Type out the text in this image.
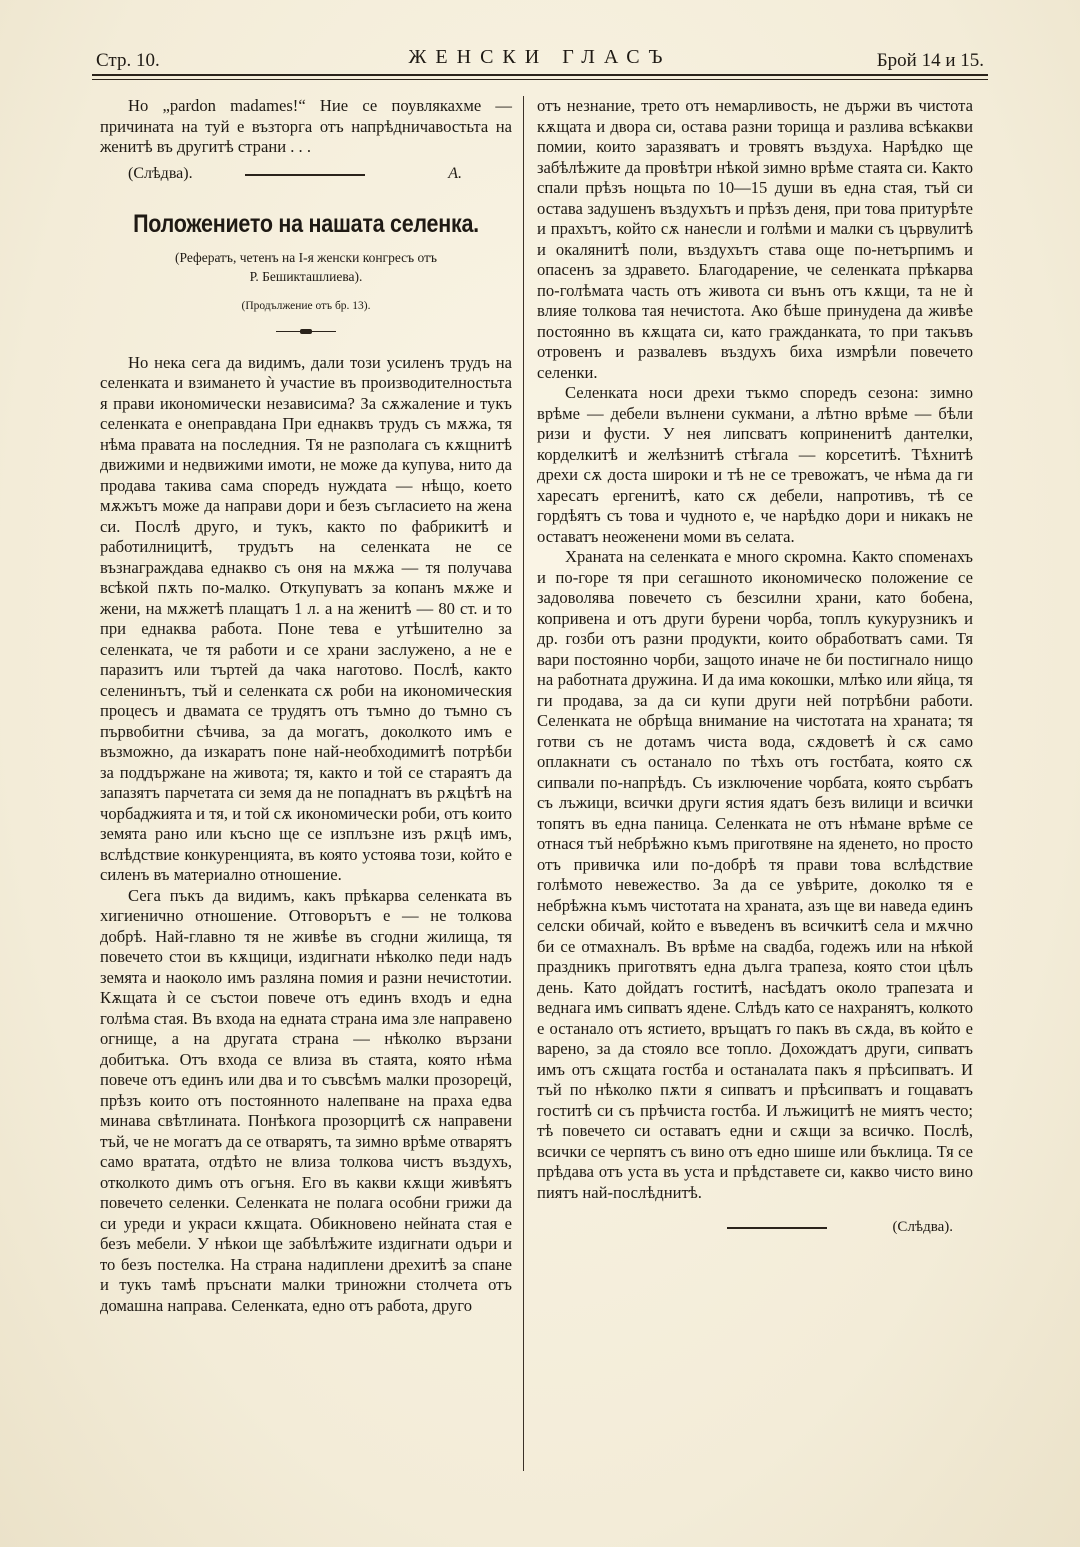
Стр. 10.	ЖЕНСКИ ГЛАСЪ	Брой 14 и 15.

Но „pardon madames!“ Ние се поувлякахме — причината на туй е възторга отъ напрѣдничавостьта на женитѣ въ другитѣ страни . . .

(Слѣдва).	А.
Положението на нашата селенка.
(Рефератъ, четенъ на I-я женски конгресъ отъ
Р. Бешикташлиева).
(Продължение отъ бр. 13).

Но нека сега да видимъ, дали този усиленъ трудъ на селенката и взимането ѝ участие въ производителностьта я прави икономически независима? За сѫжаление и тукъ селенката е онеправдана При еднаквъ трудъ съ мѫжа, тя нѣма правата на последния. Тя не разполага съ кѫщнитѣ движими и недвижими имоти, не може да купува, нито да продава такива сама споредъ нуждата — нѣщо, което мѫжътъ може да направи дори и безъ съгласието на жена си. Послѣ друго, и тукъ, както по фабрикитѣ и работилницитѣ, трудътъ на селенката не се възнаграждава еднакво съ оня на мѫжа — тя получава всѣкой пѫть по-малко. Откупуватъ за копанъ мѫже и жени, на мѫжетѣ плащатъ 1 л. а на женитѣ — 80 ст. и то при еднаква работа. Поне тева е утѣшително за селенката, че тя работи и се храни заслужено, а не е паразитъ или търтей да чака наготово. Послѣ, както селенинътъ, тъй и селенката сѫ роби на икономическия процесъ и двамата се трудятъ отъ тъмно до тъмно съ първобитни сѣчива, за да могатъ, доколкото имъ е възможно, да изкаратъ поне най-необходимитѣ потрѣби за поддържане на живота; тя, както и той се стараятъ да запазятъ парчетата си земя да не попаднатъ въ рѫцѣтѣ на чорбаджията и тя, и той сѫ икономически роби, отъ които земята рано или късно ще се изплъзне изъ рѫцѣ имъ, вслѣдствие конкуренцията, въ която устоява този, който е силенъ въ материално отношение.

Сега пъкъ да видимъ, какъ прѣкарва селенката въ хигиенично отношение. Отговорътъ е — не толкова добрѣ. Най-главно тя не живѣе въ сгодни жилища, тя повечето стои въ кѫщици, издигнати нѣколко педи надъ земята и наоколо имъ разляна помия и разни нечистотии. Кѫщата ѝ се състои повече отъ единъ входъ и една голѣма стая. Въ входа на едната страна има зле направено огнище, а на другата страна — нѣколко вързани добитъка. Отъ входа се влиза въ стаята, която нѣма повече отъ единъ или два и то съвсѣмъ малки прозорецй, прѣзъ които отъ постоянното налепване на праха едва минава свѣтлината. Понѣкога прозорцитѣ сѫ направени тъй, че не могатъ да се отварятъ, та зимно врѣме отварятъ само вратата, отдѣто не влиза толкова чистъ въздухъ, отколкото димъ отъ огъня. Его въ какви кѫщи живѣятъ повечето селенки. Селенката не полага особни грижи да си уреди и украси кѫщата. Обикновено нейната стая е безъ мебели. У нѣкои ще забѣлѣжите издигнати одъри и то безъ постелка. На страна надиплени дрехитѣ за спане и тукъ тамѣ пръснати малки триножни столчета отъ домашна направа. Селенката, едно отъ работа, друго

отъ незнание, трето отъ немарливость, не държи въ чистота кѫщата и двора си, остава разни торища и разлива всѣкакви помии, които заразяватъ и тровятъ въздуха. Нарѣдко ще забѣлѣжите да провѣтри нѣкой зимно врѣме стаята си. Както спали прѣзъ нощьта по 10—15 души въ една стая, тъй си остава задушенъ въздухътъ и прѣзъ деня, при това притурѣте и прахътъ, който сѫ нанесли и голѣми и малки съ цървулитѣ и окалянитѣ поли, въздухътъ става още по-нетърпимъ и опасенъ за здравето. Благодарение, че селенката прѣкарва по-голѣмата часть отъ живота си вънъ отъ кѫщи, та не ѝ влияе толкова тая нечистота. Ако бѣше принудена да живѣе постоянно въ кѫщата си, като гражданката, то при такъвъ отровенъ и развалевъ въздухъ биха измрѣли повечето селенки.

Селенката носи дрехи тъкмо споредъ сезона: зимно врѣме — дебели вълнени сукмани, а лѣтно врѣме — бѣли ризи и фусти. У нея липсватъ коприненитѣ дантелки, корделкитѣ и желѣзнитѣ стѣгала — корсетитѣ. Тѣхнитѣ дрехи сѫ доста широки и тѣ не се тревожатъ, че нѣма да ги харесатъ ергенитѣ, като сѫ дебели, напротивъ, тѣ се гордѣятъ съ това и чудното е, че нарѣдко дори и никакъ не оставатъ неоженени моми въ селата.

Храната на селенката е много скромна. Както споменахъ и по-горе тя при сегашното икономическо положение се задоволява повечето съ безсилни храни, като бобена, копривена и отъ други бурени чорба, топлъ кукурузникъ и др. гозби отъ разни продукти, които обработватъ сами. Тя вари постоянно чорби, защото иначе не би постигнало нищо на работната дружина. И да има кокошки, млѣко или яйца, тя ги продава, за да си купи други ней потрѣбни работи. Селенката не обрѣща внимание на чистотата на храната; тя готви съ не дотамъ чиста вода, сѫдоветѣ ѝ сѫ само оплакнати съ останало по тѣхъ отъ гостбата, която сѫ сипвали по-напрѣдъ. Съ изключение чорбата, която сърбатъ съ лъжици, всички други ястия ядатъ безъ вилици и всички топятъ въ една паница. Селенката не отъ нѣмане врѣме се отнася тъй небрѣжно къмъ приготвяне на яденето, но просто отъ привичка или по-добрѣ тя прави това вслѣдствие голѣмото невежество. За да се увѣрите, доколко тя е небрѣжна къмъ чистотата на храната, азъ ще ви наведа единъ селски обичай, който е въведенъ въ всичкитѣ села и мѫчно би се отмахналъ. Въ врѣме на свадба, годежъ или на нѣкой праздникъ приготвятъ една дълга трапеза, която стои цѣлъ день. Като дойдатъ гоститѣ, насѣдатъ около трапезата и веднага имъ сипватъ ядене. Слѣдъ като се нахранятъ, колкото е останало отъ ястието, връщатъ го пакъ въ сѫда, въ който е варено, за да стояло все топло. Дохождатъ други, сипватъ имъ отъ сѫщата гостба и останалата пакъ я прѣсипватъ. И тъй по нѣколко пѫти я сипватъ и прѣсипватъ и гощаватъ гоститѣ си съ прѣчиста гостба. И лъжицитѣ не миятъ често; тѣ повечето си оставатъ едни и сѫщи за всичко. Послѣ, всички се черпятъ съ вино отъ едно шише или бъклица. Тя се прѣдава отъ уста въ уста и прѣдставете си, какво чисто вино пиятъ най-послѣднитѣ.

(Слѣдва).
